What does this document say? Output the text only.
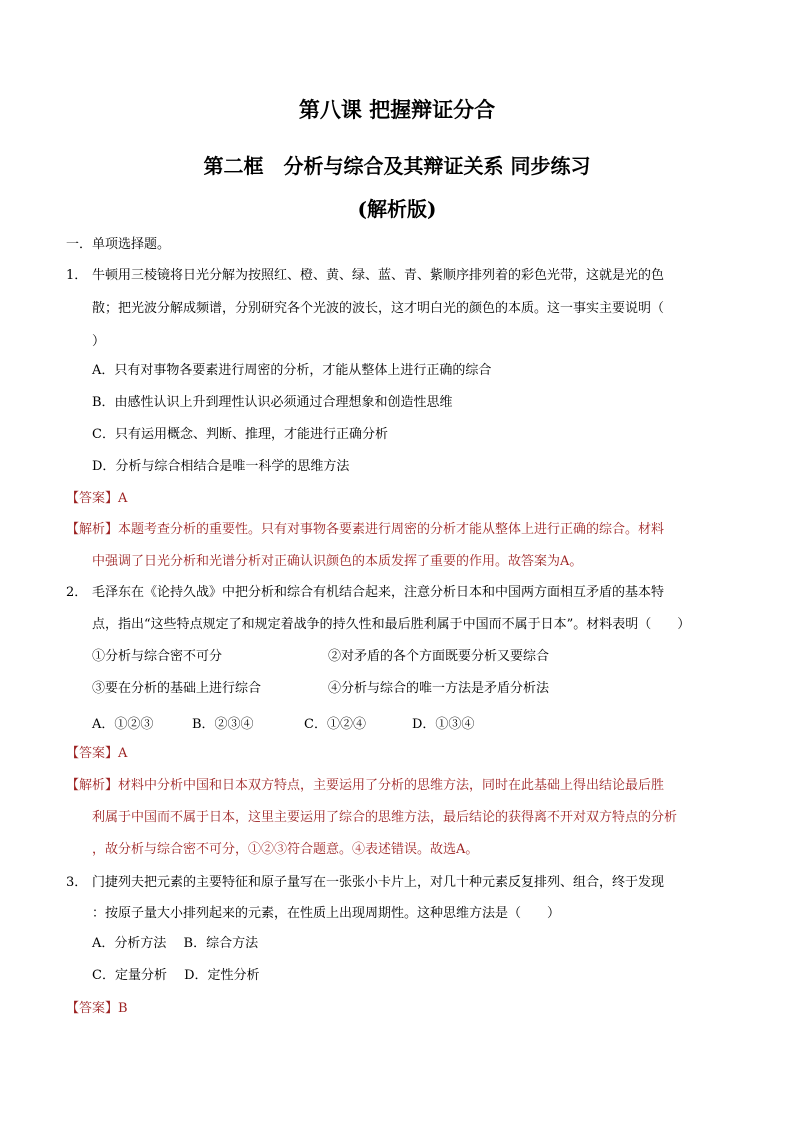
第八课 把握辩证分合
第二框　分析与综合及其辩证关系 同步练习
(解析版)
一．单项选择题。
1． 牛顿用三棱镜将日光分解为按照红、橙、黄、绿、蓝、青、紫顺序排列着的彩色光带，这就是光的色
散；把光波分解成频谱，分别研究各个光波的波长，这才明白光的颜色的本质。这一事实主要说明（
）
A．只有对事物各要素进行周密的分析，才能从整体上进行正确的综合
B．由感性认识上升到理性认识必须通过合理想象和创造性思维
C．只有运用概念、判断、推理，才能进行正确分析
D．分析与综合相结合是唯一科学的思维方法
【答案】A
【解析】本题考查分析的重要性。只有对事物各要素进行周密的分析才能从整体上进行正确的综合。材料
中强调了日光分析和光谱分析对正确认识颜色的本质发挥了重要的作用。故答案为A。
2． 毛泽东在《论持久战》中把分析和综合有机结合起来，注意分析日本和中国两方面相互矛盾的基本特
点，指出“这些特点规定了和规定着战争的持久性和最后胜利属于中国而不属于日本”。材料表明（　　）
①分析与综合密不可分	②对矛盾的各个方面既要分析又要综合
③要在分析的基础上进行综合	④分析与综合的唯一方法是矛盾分析法
A．①②③	B．②③④	C．①②④	D．①③④
【答案】A
【解析】材料中分析中国和日本双方特点，主要运用了分析的思维方法，同时在此基础上得出结论最后胜
利属于中国而不属于日本，这里主要运用了综合的思维方法，最后结论的获得离不开对双方特点的分析
，故分析与综合密不可分，①②③符合题意。④表述错误。故选A。
3． 门捷列夫把元素的主要特征和原子量写在一张张小卡片上，对几十种元素反复排列、组合，终于发现
：按原子量大小排列起来的元素，在性质上出现周期性。这种思维方法是（　　）
A．分析方法　 B．综合方法
C．定量分析　 D．定性分析
【答案】B
